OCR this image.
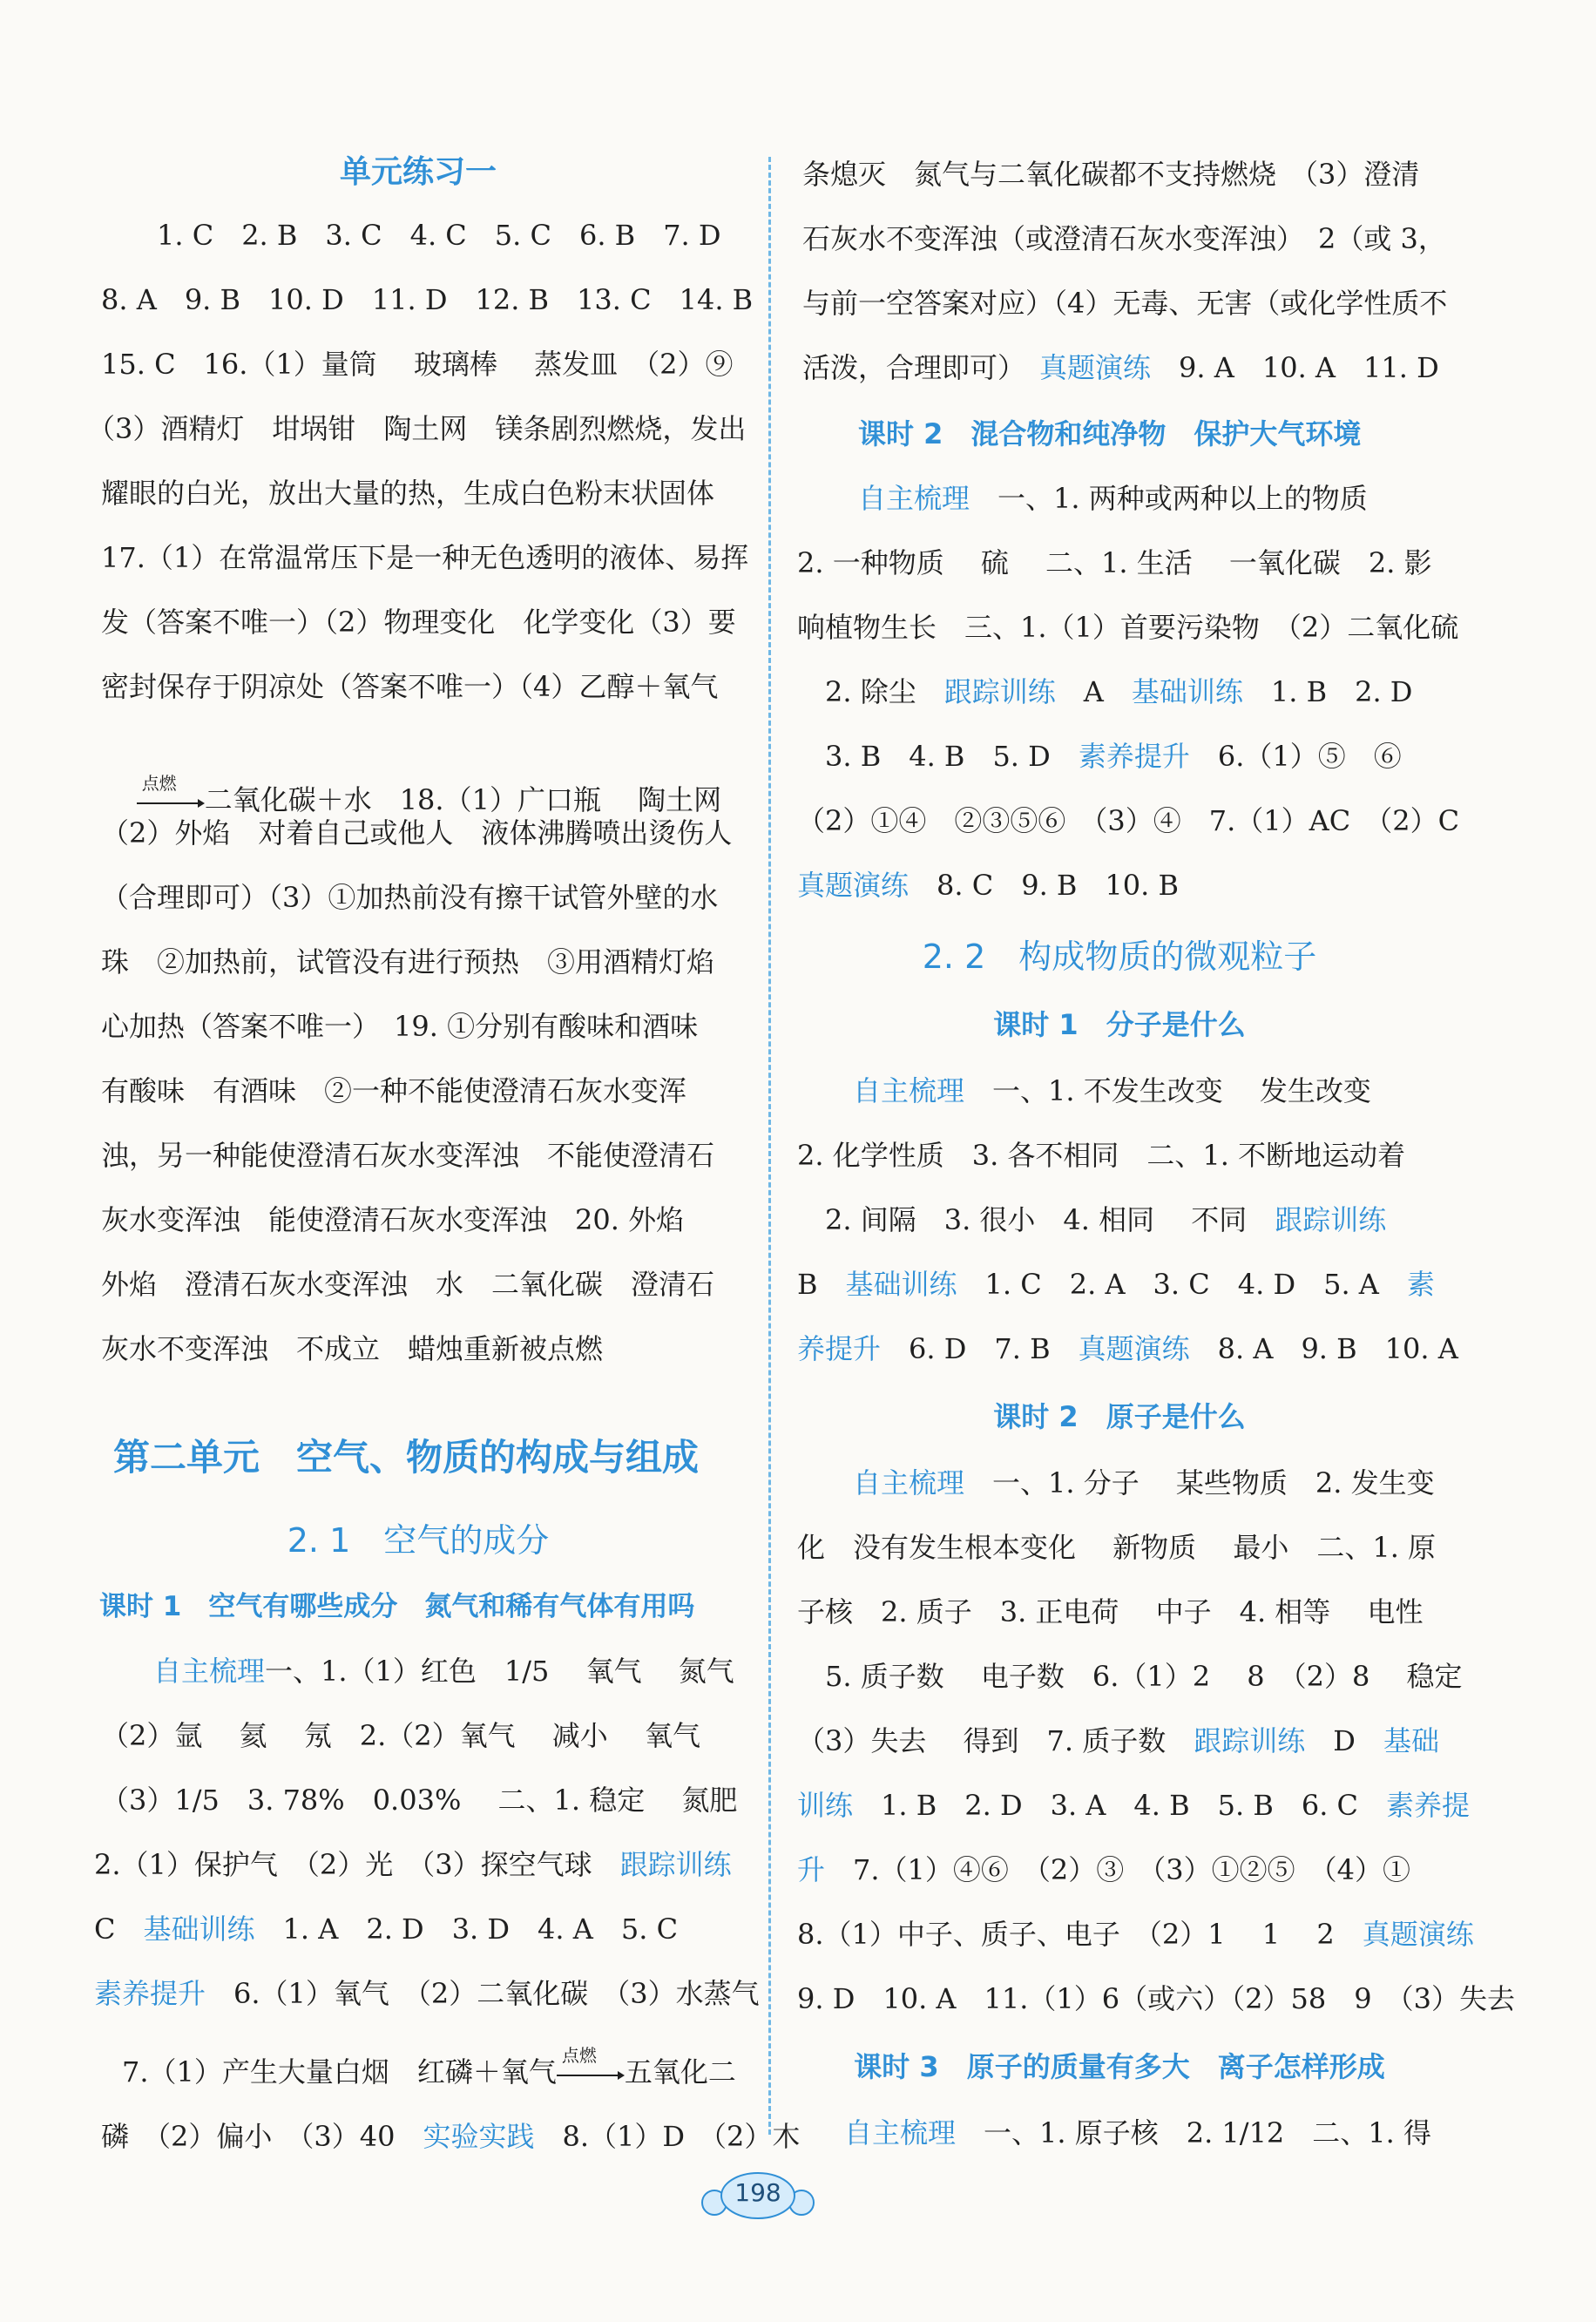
单元练习一
1. C　2. B　3. C　4. C　5. C　6. B　7. D
8. A　9. B　10. D　11. D　12. B　13. C　14. B
15. C　16.（1）量筒　 玻璃棒　 蒸发皿　（2）⑨
（3）酒精灯　坩埚钳　陶土网　镁条剧烈燃烧，发出
耀眼的白光，放出大量的热，生成白色粉末状固体
17.（1）在常温常压下是一种无色透明的液体、易挥
发（答案不唯一）（2）物理变化　化学变化（3）要
密封保存于阴凉处（答案不唯一）（4）乙醇＋氧气

点燃
二氧化碳＋水　18.（1）广口瓶　 陶土网

（2）外焰　对着自己或他人　液体沸腾喷出烫伤人
（合理即可）（3）①加热前没有擦干试管外壁的水
珠　②加热前，试管没有进行预热　③用酒精灯焰
心加热（答案不唯一）　19. ①分别有酸味和酒味
有酸味　有酒味　②一种不能使澄清石灰水变浑
浊，另一种能使澄清石灰水变浑浊　不能使澄清石
灰水变浑浊　能使澄清石灰水变浑浊　20. 外焰
外焰　澄清石灰水变浑浊　水　二氧化碳　澄清石
灰水不变浑浊　不成立　蜡烛重新被点燃
第二单元　空气、物质的构成与组成
2. 1　空气的成分
课时 1　空气有哪些成分　氮气和稀有气体有用吗
自主梳理一、1.（1）红色　1/5　 氧气　 氮气
（2）氩　 氦　 氖　2.（2）氧气　 减小　 氧气
（3）1/5　3. 78%　0.03%　 二、1. 稳定　 氮肥
2.（1）保护气　（2）光　（3）探空气球　 跟踪训练
C　基础训练　1. A　2. D　3. D　4. A　5. C
素养提升　6.（1）氧气　（2）二氧化碳　（3）水蒸气
　7.（1）产生大量白烟　红磷＋氧气
点燃
五氧化二
磷　（2）偏小　（3）40　实验实践　8.（1）D　（2）木
条熄灭　氮气与二氧化碳都不支持燃烧　（3）澄清
石灰水不变浑浊（或澄清石灰水变浑浊）　2（或 3，
与前一空答案对应）（4）无毒、无害（或化学性质不
活泼，合理即可）　真题演练　9. A　10. A　11. D
课时 2　混合物和纯净物　保护大气环境
自主梳理　一、1. 两种或两种以上的物质
2. 一种物质　 硫　 二、1. 生活　 一氧化碳　2. 影
响植物生长　三、1.（1）首要污染物　（2）二氧化硫
　2. 除尘　跟踪训练　A　基础训练　1. B　2. D
　3. B　4. B　5. D　素养提升　6.（1）⑤　⑥
（2）①④　②③⑤⑥　（3）④　7.（1）AC　（2）C
真题演练　8. C　9. B　10. B
2. 2　构成物质的微观粒子
课时 1　分子是什么
自主梳理　一、1. 不发生改变　 发生改变
2. 化学性质　3. 各不相同　二、1. 不断地运动着
　2. 间隔　3. 很小　4. 相同　 不同　跟踪训练
B　基础训练　1. C　2. A　3. C　4. D　5. A　素
养提升　6. D　7. B　真题演练　8. A　9. B　10. A
课时 2　原子是什么
自主梳理　一、1. 分子　 某些物质　2. 发生变
化　没有发生根本变化　 新物质　 最小　二、1. 原
子核　2. 质子　3. 正电荷　 中子　4. 相等　 电性
　5. 质子数　 电子数　6.（1）2　 8　（2）8　 稳定
（3）失去　 得到　7. 质子数　跟踪训练　D　基础
训练　1. B　2. D　3. A　4. B　5. B　6. C　素养提
升　7.（1）④⑥　（2）③　（3）①②⑤　（4）①
8.（1）中子、质子、电子　（2）1　 1　 2　真题演练
9. D　10. A　11.（1）6（或六）（2）58　9　（3）失去
课时 3　原子的质量有多大　离子怎样形成
自主梳理　一、1. 原子核　2. 1/12　二、1. 得
198
